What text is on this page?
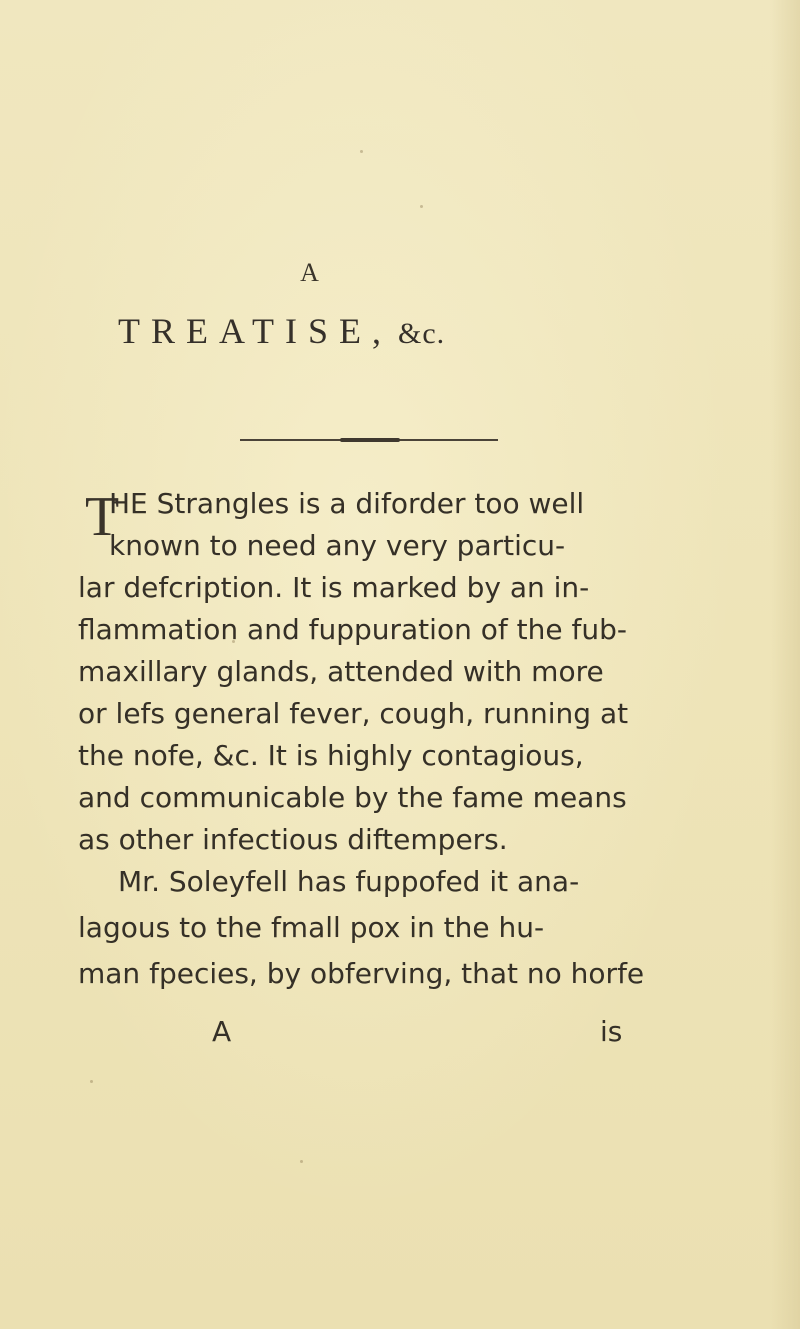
A
TREATISE, &c.
T
HE Strangles is a diforder too well
known to need any very particu-
lar defcription. It is marked by an in-
flammation and fuppuration of the fub-
maxillary glands, attended with more
or lefs general fever, cough, running at
the nofe, &c. It is highly contagious,
and communicable by the fame means
as other infectious diftempers.
Mr. Soleyfell has fuppofed it ana-
lagous to the fmall pox in the hu-
man fpecies, by obferving, that no horfe
A	is
